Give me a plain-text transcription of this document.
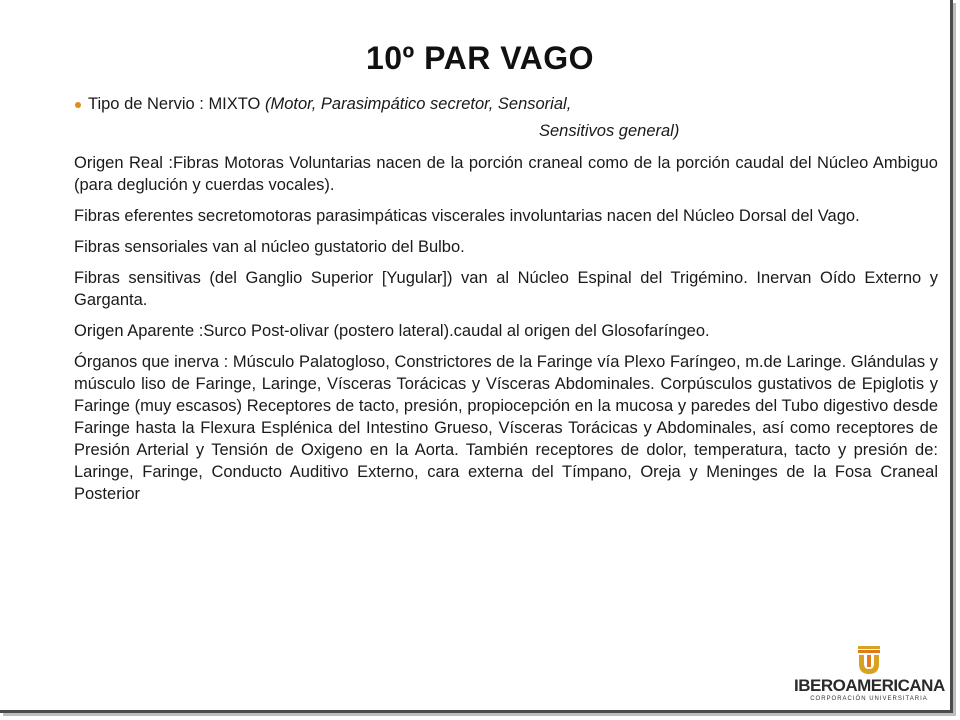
10º PAR VAGO

Tipo de Nervio : MIXTO (Motor, Parasimpático secretor, Sensorial,

Sensitivos general)

Origen Real :Fibras Motoras Voluntarias nacen de la porción craneal como de la porción caudal del Núcleo Ambiguo (para deglución y cuerdas vocales).

Fibras eferentes secretomotoras parasimpáticas viscerales involuntarias nacen del Núcleo Dorsal del Vago.

Fibras sensoriales van al núcleo gustatorio del Bulbo.

Fibras sensitivas (del Ganglio Superior [Yugular]) van al Núcleo Espinal del Trigémino. Inervan Oído Externo y Garganta.

Origen Aparente :Surco Post-olivar (postero lateral).caudal al origen del Glosofaríngeo.

Órganos que inerva : Músculo Palatogloso, Constrictores de la Faringe vía Plexo Faríngeo, m.de Laringe. Glándulas y músculo liso de Faringe, Laringe, Vísceras Torácicas y Vísceras Abdominales. Corpúsculos gustativos de Epiglotis y Faringe (muy escasos) Receptores de tacto, presión, propiocepción en la mucosa y paredes del Tubo digestivo desde Faringe hasta la Flexura Esplénica del Intestino Grueso, Vísceras Torácicas y Abdominales, así como receptores de Presión Arterial y Tensión de Oxigeno en la Aorta. También receptores de dolor, temperatura, tacto y presión de: Laringe, Faringe, Conducto Auditivo Externo, cara externa del Tímpano, Oreja y Meninges de la Fosa Craneal Posterior

IBEROAMERICANA
CORPORACIÓN UNIVERSITARIA
